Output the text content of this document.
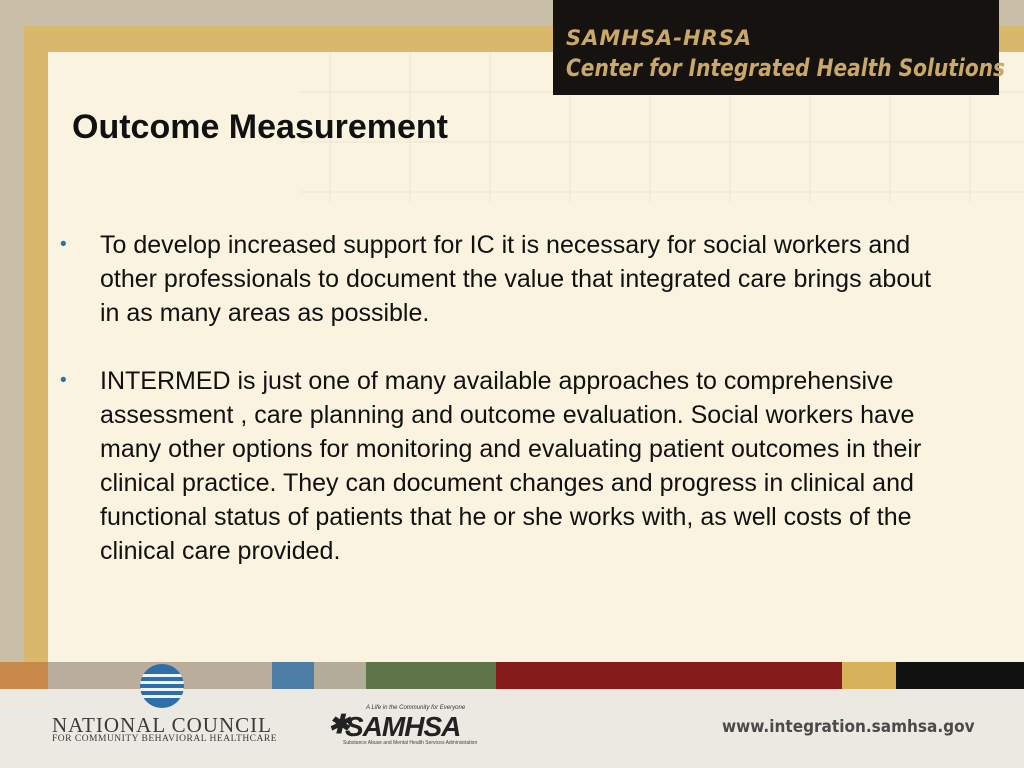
SAMHSA-HRSA
Center for Integrated Health Solutions
Outcome Measurement
•	To develop increased support for IC it is necessary for social workers and other professionals to document the value that integrated care brings about in as many areas as possible.
•	INTERMED is just one of many available approaches to comprehensive assessment , care planning and outcome evaluation. Social workers have many other options for monitoring and evaluating patient outcomes in their clinical practice. They can document changes and progress in clinical and functional status of patients that he or she works with, as well costs of the clinical care provided.
NATIONAL COUNCIL
FOR COMMUNITY BEHAVIORAL HEALTHCARE
A Life in the Community for Everyone
✱
SAMHSA
Substance Abuse and Mental Health Services Administration
www.integration.samhsa.gov
